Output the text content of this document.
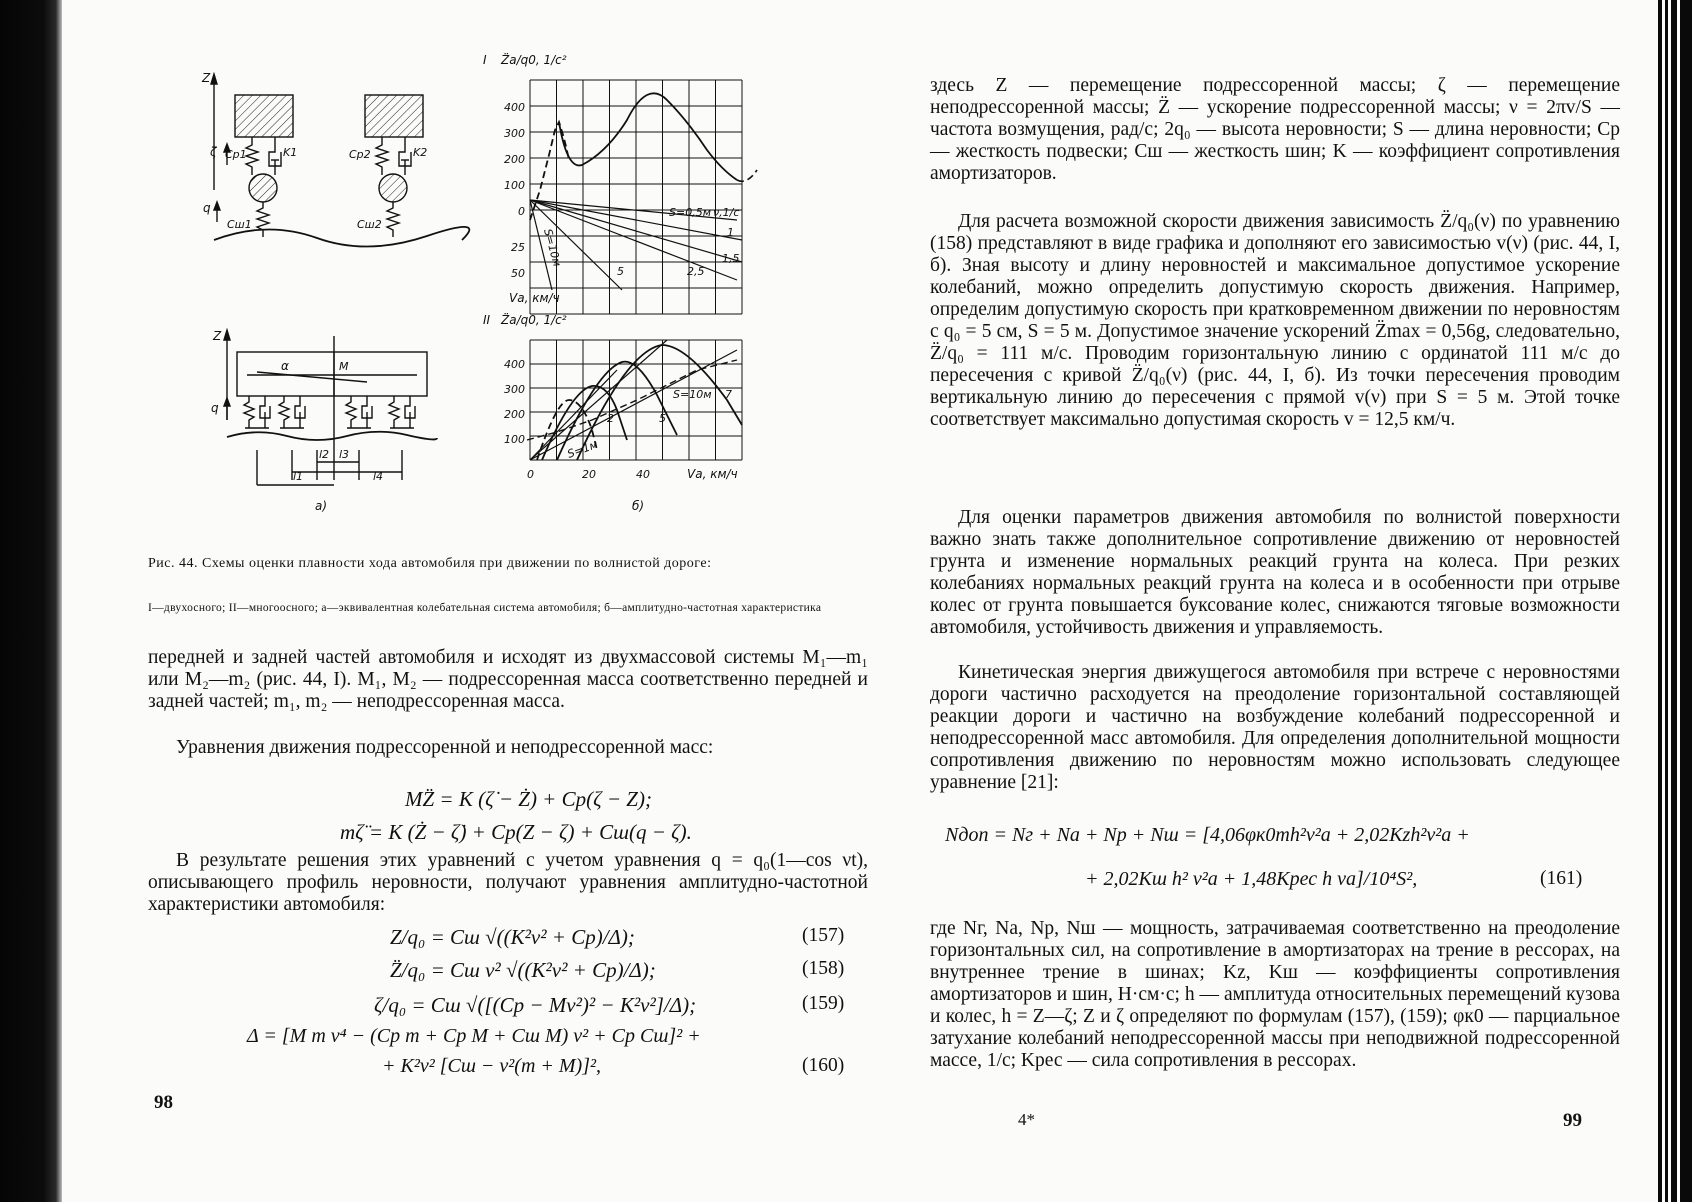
Z
ζ Cр1	K1	Cр2	K2
q
Cш1	Cш2
I Z̈а/q0, 1/c²
400
300
200
100
0
25
50
S=0,5м ν,1/c
1
1,5
2,5
5
S=10м
Vа, км/ч
Z
α	M
q
l2 l3
l1	l4
II Z̈а/q0, 1/c²
400
300
200
100
0	20	40
S=10м 7
5
2
S=1м
Vа, км/ч
а)	б)
Рис. 44. Схемы оценки плавности хода автомобиля при движении по волнистой дороге:
I—двухосного; II—многоосного; а—эквивалентная колебательная система автомобиля; б—амплитудно-частотная характеристика
передней и задней частей автомобиля и исходят из двухмассовой системы M₁—m₁ или M₂—m₂ (рис. 44, I). M₁, M₂ — подрессоренная масса соответственно передней и задней частей; m₁, m₂ — неподрессоренная масса.
Уравнения движения подрессоренной и неподрессоренной масс:
MZ̈ = K (ζ̇ − Ż) + Cр(ζ − Z);
mζ̈ = K (Ż − ζ̇) + Cр(Z − ζ) + Cш(q − ζ).
В результате решения этих уравнений с учетом уравнения q = q₀(1—cos νt), описывающего профиль неровности, получают уравнения амплитудно-частотной характеристики автомобиля:
Z/q₀ = Cш √((K²ν² + Cр)/Δ);	(157)
Z̈/q₀ = Cш ν² √((K²ν² + Cр)/Δ);	(158)
ζ/q₀ = Cш √([(Cр − Mν²)² − K²ν²]/Δ);	(159)
Δ = [M m ν⁴ − (Cр m + Cр M + Cш M) ν² + Cр Cш]² +
+ K²ν² [Cш − ν²(m + M)]²,	(160)
98
здесь Z — перемещение подрессоренной массы; ζ — перемещение неподрессоренной массы; Z̈ — ускорение подрессоренной массы; ν = 2πv/S — частота возмущения, рад/с; 2q₀ — высота неровности; S — длина неровности; Cр — жесткость подвески; Cш — жесткость шин; K — коэффициент сопротивления амортизаторов.
Для расчета возможной скорости движения зависимость Z̈/q₀(ν) по уравнению (158) представляют в виде графика и дополняют его зависимостью v(ν) (рис. 44, I, б). Зная высоту и длину неровностей и максимальное допустимое ускорение колебаний, можно определить допустимую скорость движения. Например, определим допустимую скорость при кратковременном движении по неровностям с q₀ = 5 см, S = 5 м. Допустимое значение ускорений Z̈max = 0,56g, следовательно, Z̈/q₀ = 111 м/с. Проводим горизонтальную линию с ординатой 111 м/с до пересечения с кривой Z̈/q₀(ν) (рис. 44, I, б). Из точки пересечения проводим вертикальную линию до пересечения с прямой v(ν) при S = 5 м. Этой точке соответствует максимально допустимая скорость v = 12,5 км/ч.
Для оценки параметров движения автомобиля по волнистой поверхности важно знать также дополнительное сопротивление движению от неровностей грунта и изменение нормальных реакций грунта на колеса. При резких колебаниях нормальных реакций грунта на колеса и в особенности при отрыве колес от грунта повышается буксование колес, снижаются тяговые возможности автомобиля, устойчивость движения и управляемость.
Кинетическая энергия движущегося автомобиля при встрече с неровностями дороги частично расходуется на преодоление горизонтальной составляющей реакции дороги и частично на возбуждение колебаний подрессоренной и неподрессоренной масс автомобиля. Для определения дополнительной мощности сопротивления движению по неровностям можно использовать следующее уравнение [21]:
Nдоп = Nг + Nа + Nр + Nш = [4,06φк0mh²v²а + 2,02Kzh²v²а +
+ 2,02Kш h² v²а + 1,48Kрес h vа]/10⁴S²,	(161)
где Nг, Nа, Nр, Nш — мощность, затрачиваемая соответственно на преодоление горизонтальных сил, на сопротивление в амортизаторах на трение в рессорах, на внутреннее трение в шинах; Kz, Kш — коэффициенты сопротивления амортизаторов и шин, Н·см·с; h — амплитуда относительных перемещений кузова и колес, h = Z—ζ; Z и ζ определяют по формулам (157), (159); φк0 — парциальное затухание колебаний неподрессоренной массы при неподвижной подрессоренной массе, 1/с; Kрес — сила сопротивления в рессорах.
4*	99
